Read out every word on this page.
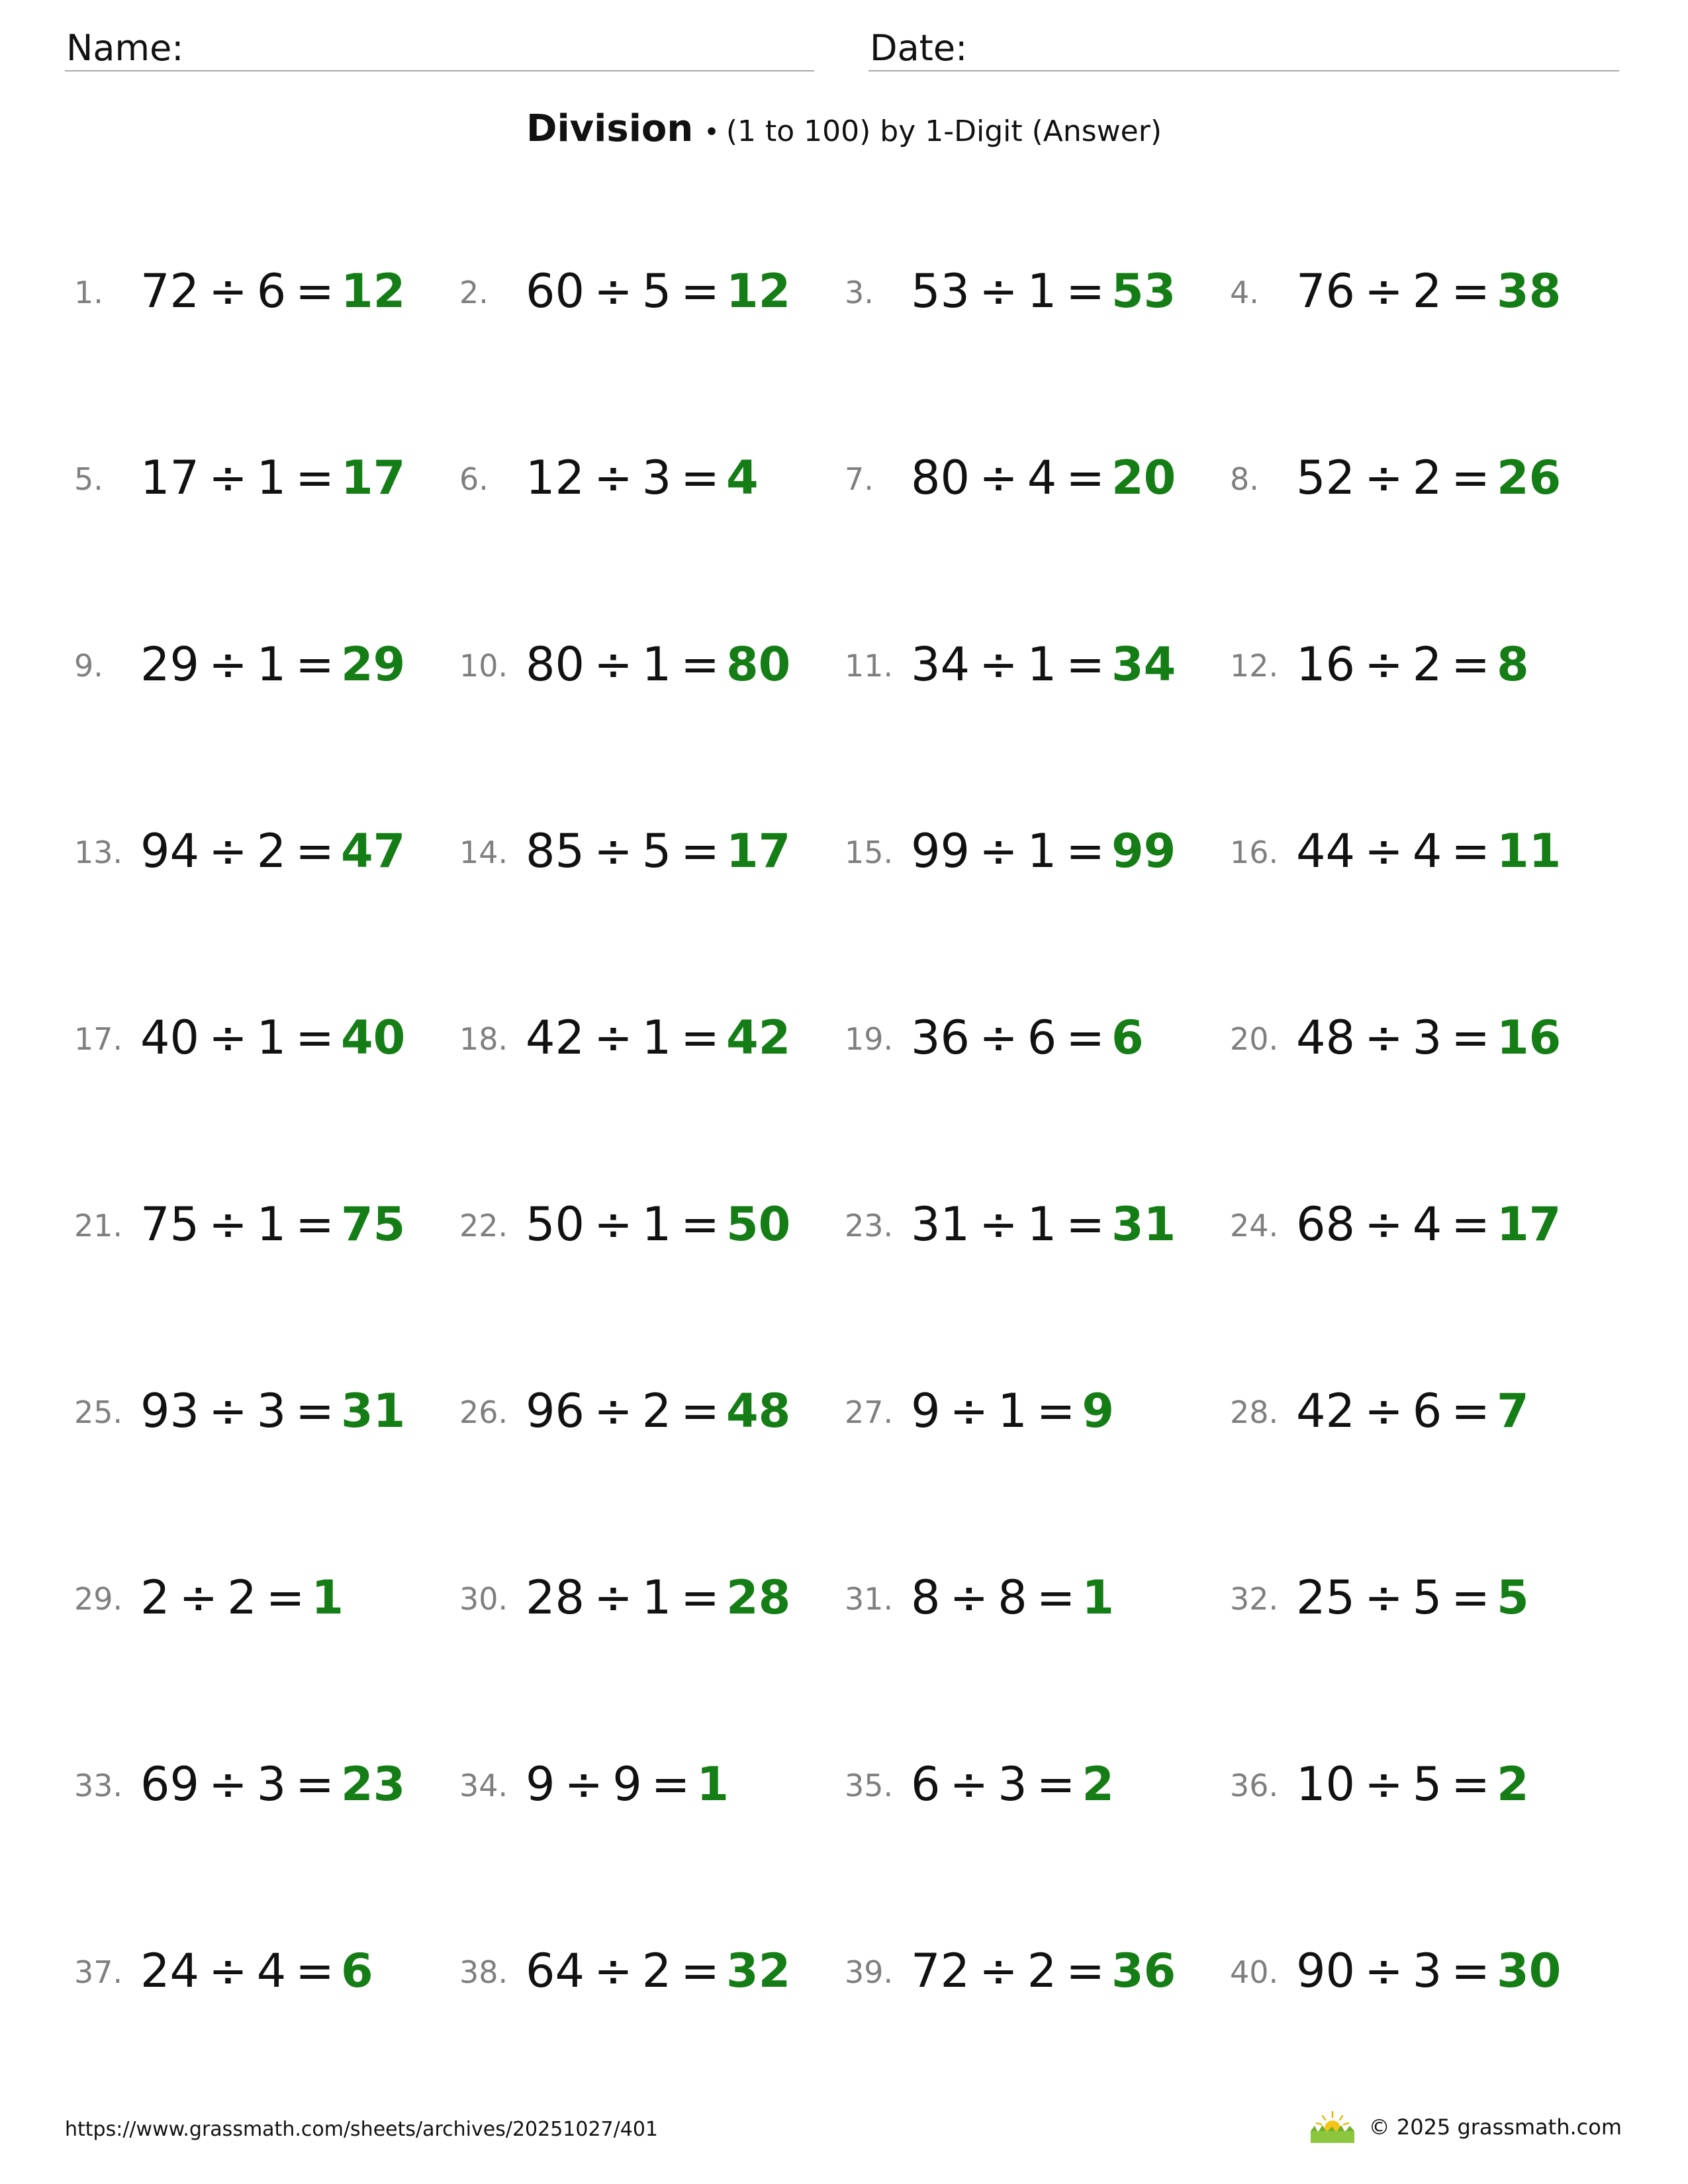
Name:	Date:
Division • (1 to 100) by 1-Digit (Answer)
1. 72 ÷ 6 = 12 2. 60 ÷ 5 = 12 3. 53 ÷ 1 = 53 4. 76 ÷ 2 = 38
5. 17 ÷ 1 = 17 6. 12 ÷ 3 = 4	7. 80 ÷ 4 = 20 8. 52 ÷ 2 = 26
9. 29 ÷ 1 = 29 10. 80 ÷ 1 = 80 11. 34 ÷ 1 = 34 12. 16 ÷ 2 = 8
13. 94 ÷ 2 = 47 14. 85 ÷ 5 = 17 15. 99 ÷ 1 = 99 16. 44 ÷ 4 = 11
17. 40 ÷ 1 = 40 18. 42 ÷ 1 = 42 19. 36 ÷ 6 = 6	20. 48 ÷ 3 = 16
21. 75 ÷ 1 = 75 22. 50 ÷ 1 = 50 23. 31 ÷ 1 = 31 24. 68 ÷ 4 = 17
25. 93 ÷ 3 = 31 26. 96 ÷ 2 = 48 27. 9 ÷ 1 = 9	28. 42 ÷ 6 = 7
29. 2 ÷ 2 = 1	30. 28 ÷ 1 = 28 31. 8 ÷ 8 = 1	32. 25 ÷ 5 = 5
33. 69 ÷ 3 = 23 34. 9 ÷ 9 = 1	35. 6 ÷ 3 = 2	36. 10 ÷ 5 = 2
37. 24 ÷ 4 = 6	38. 64 ÷ 2 = 32 39. 72 ÷ 2 = 36 40. 90 ÷ 3 = 30
https://www.grassmath.com/sheets/archives/20251027/401	© 2025 grassmath.com
